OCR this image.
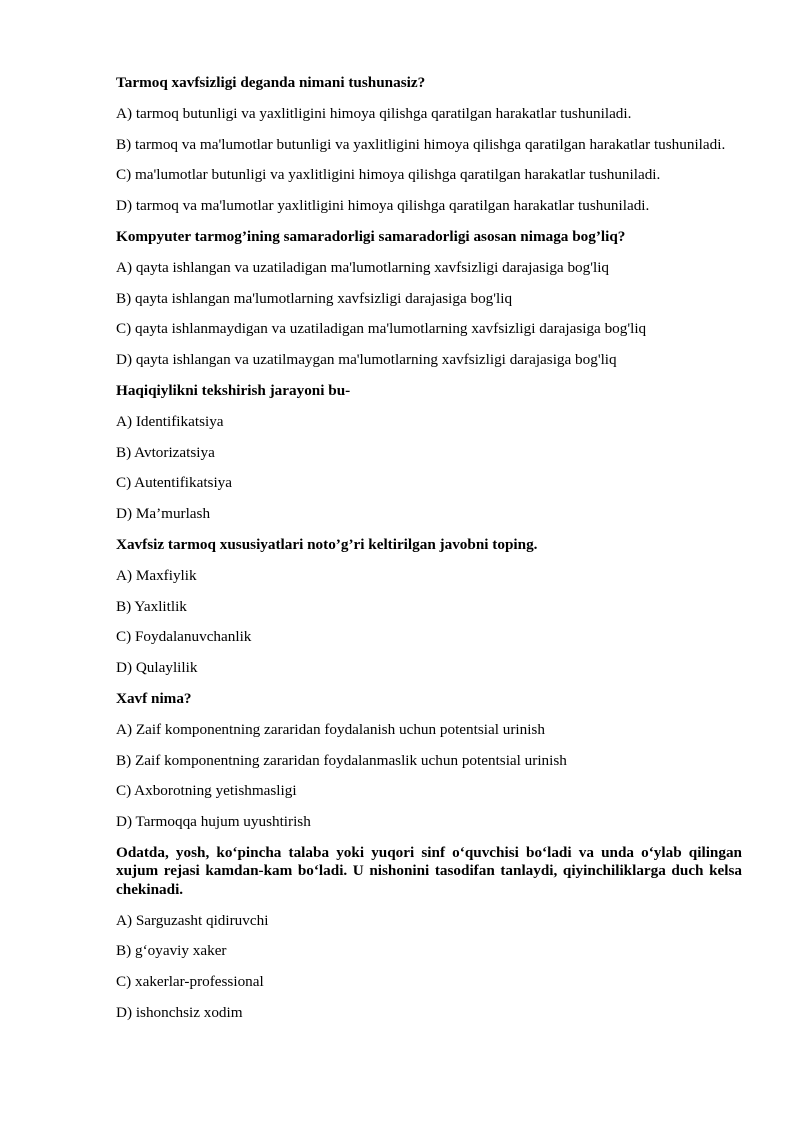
Tarmoq xavfsizligi deganda nimani tushunasiz?

A) tarmoq butunligi va yaxlitligini himoya qilishga qaratilgan harakatlar tushuniladi.

B) tarmoq va ma'lumotlar butunligi va yaxlitligini himoya qilishga qaratilgan harakatlar tushuniladi.

C) ma'lumotlar butunligi va yaxlitligini himoya qilishga qaratilgan harakatlar tushuniladi.

D) tarmoq va ma'lumotlar yaxlitligini himoya qilishga qaratilgan harakatlar tushuniladi.

Kompyuter tarmog’ining samaradorligi samaradorligi asosan nimaga bog’liq?

A) qayta ishlangan va uzatiladigan ma'lumotlarning xavfsizligi darajasiga bog'liq

B) qayta ishlangan ma'lumotlarning xavfsizligi darajasiga bog'liq

C) qayta ishlanmaydigan va uzatiladigan ma'lumotlarning xavfsizligi darajasiga bog'liq

D) qayta ishlangan va uzatilmaygan ma'lumotlarning xavfsizligi darajasiga bog'liq

Haqiqiylikni tekshirish jarayoni bu-

A) Identifikatsiya

B) Avtorizatsiya

C) Autentifikatsiya

D) Ma’murlash

Xavfsiz tarmoq xususiyatlari noto’g’ri keltirilgan javobni toping.

A) Maxfiylik

B) Yaxlitlik

C) Foydalanuvchanlik

D) Qulaylilik

Xavf nima?

A) Zaif komponentning zararidan foydalanish uchun potentsial urinish

B) Zaif komponentning zararidan foydalanmaslik uchun potentsial urinish

C) Axborotning yetishmasligi

D) Tarmoqqa hujum uyushtirish

Odatda, yosh, ko‘pincha talaba yoki yuqori sinf o‘quvchisi bo‘ladi va unda o‘ylab qilingan xujum rejasi kamdan-kam bo‘ladi. U nishonini tasodifan tanlaydi, qiyinchiliklarga duch kelsa chekinadi.

A) Sarguzasht qidiruvchi

B) g‘oyaviy xaker

C) xakerlar-professional

D) ishonchsiz xodim
